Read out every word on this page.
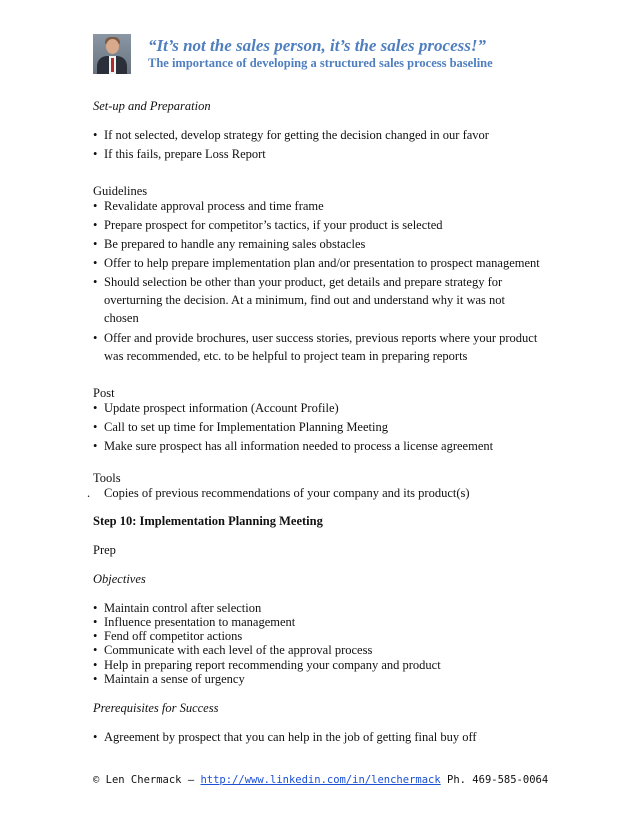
“It’s not the sales person, it’s the sales process!”
The importance of developing a structured sales process baseline
Set-up and Preparation
• If not selected, develop strategy for getting the decision changed in our favor
• If this fails, prepare Loss Report
Guidelines
• Revalidate approval process and time frame
• Prepare prospect for competitor’s tactics, if your product is selected
• Be prepared to handle any remaining sales obstacles
• Offer to help prepare implementation plan and/or presentation to prospect management
• Should selection be other than your product, get details and prepare strategy for
overturning the decision. At a minimum, find out and understand why it was not
chosen
• Offer and provide brochures, user success stories, previous reports where your product
was recommended, etc. to be helpful to project team in preparing reports
Post
• Update prospect information (Account Profile)
• Call to set up time for Implementation Planning Meeting
• Make sure prospect has all information needed to process a license agreement
Tools
. Copies of previous recommendations of your company and its product(s)
Step 10: Implementation Planning Meeting
Prep
Objectives
• Maintain control after selection
• Influence presentation to management
• Fend off competitor actions
• Communicate with each level of the approval process
• Help in preparing report recommending your company and product
• Maintain a sense of urgency
Prerequisites for Success
• Agreement by prospect that you can help in the job of getting final buy off
© Len Chermack – http://www.linkedin.com/in/lenchermack Ph. 469-585-0064
